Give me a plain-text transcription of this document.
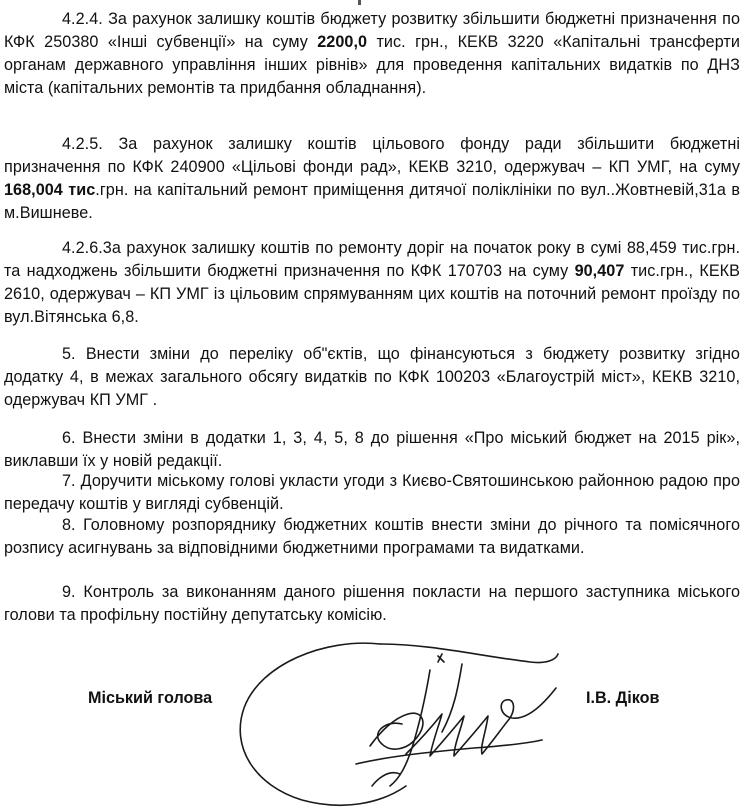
4.2.4. За рахунок залишку коштів бюджету розвитку збільшити бюджетні призначення по КФК 250380 «Інші субвенції» на суму 2200,0 тис. грн., КЕКВ 3220 «Капітальні трансферти органам державного управління інших рівнів» для проведення капітальних видатків по ДНЗ міста (капітальних ремонтів та придбання обладнання).

4.2.5. За рахунок залишку коштів цільового фонду ради збільшити бюджетні призначення по КФК 240900 «Цільові фонди рад», КЕКВ 3210, одержувач – КП УМГ, на суму 168,004 тис.грн. на капітальний ремонт приміщення дитячої поліклініки по вул..Жовтневій,31а в м.Вишневе.

4.2.6.3а рахунок залишку коштів по ремонту доріг на початок року в сумі 88,459 тис.грн. та надходжень збільшити бюджетні призначення по КФК 170703 на суму 90,407 тис.грн., КЕКВ 2610, одержувач – КП УМГ із цільовим спрямуванням цих коштів на поточний ремонт проїзду по вул.Вітянська 6,8.

5. Внести зміни до переліку об"єктів, що фінансуються з бюджету розвитку згідно додатку 4, в межах загального обсягу видатків по КФК 100203 «Благоустрій міст», КЕКВ 3210, одержувач КП УМГ .

6. Внести зміни в додатки 1, 3, 4, 5, 8 до рішення «Про міський бюджет на 2015 рік», виклавши їх у новій редакції.

7. Доручити міському голові укласти угоди з Києво-Святошинською районною радою про передачу коштів у вигляді субвенцій.

8. Головному розпоряднику бюджетних коштів внести зміни до річного та помісячного розпису асигнувань за відповідними бюджетними програмами та видатками.

9. Контроль за виконанням даного рішення покласти на першого заступника міського голови та профільну постійну депутатську комісію.

Міський голова	І.В. Діков
